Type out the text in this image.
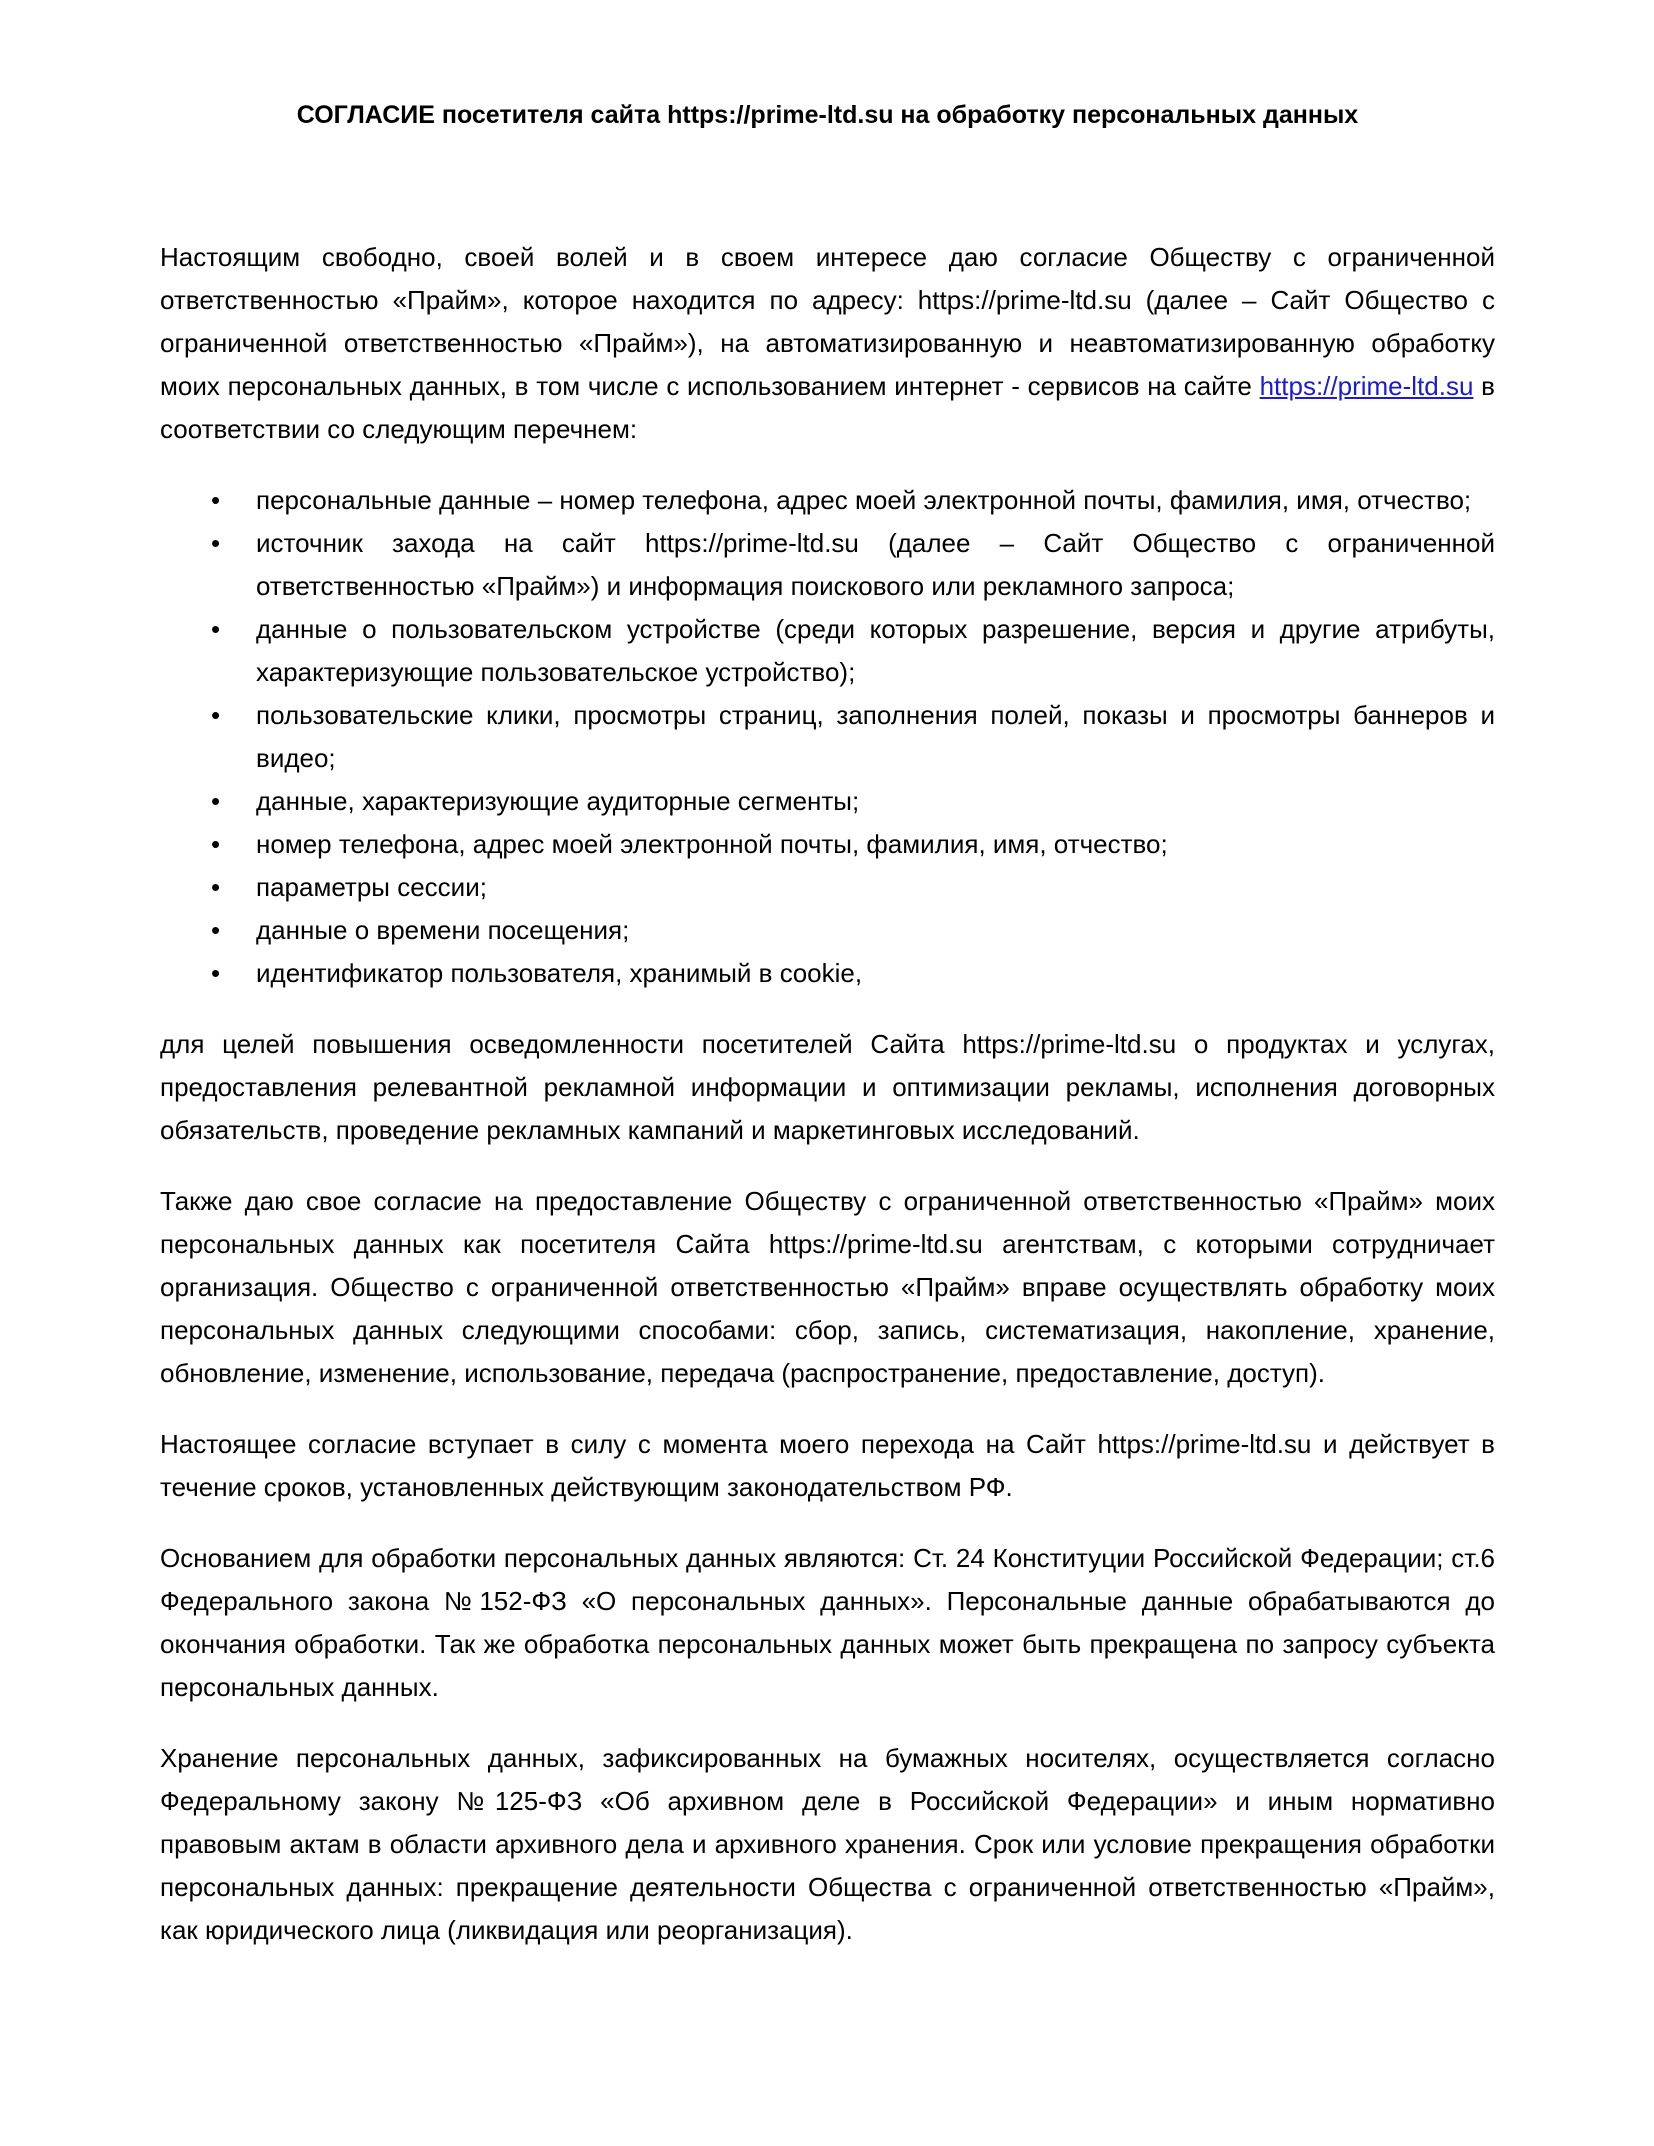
СОГЛАСИЕ посетителя сайта https://prime-ltd.su на обработку персональных данных

Настоящим свободно, своей волей и в своем интересе даю согласие Обществу с ограниченной ответственностью «Прайм», которое находится по адресу: https://prime-ltd.su (далее – Сайт Общество с ограниченной ответственностью «Прайм»), на автоматизированную и неавтоматизированную обработку моих персональных данных, в том числе с использованием интернет - сервисов на сайте https://prime-ltd.su в соответствии со следующим перечнем:

• персональные данные – номер телефона, адрес моей электронной почты, фамилия, имя, отчество;
• источник захода на сайт https://prime-ltd.su (далее – Сайт Общество с ограниченной ответственностью «Прайм») и информация поискового или рекламного запроса;
• данные о пользовательском устройстве (среди которых разрешение, версия и другие атрибуты, характеризующие пользовательское устройство);
• пользовательские клики, просмотры страниц, заполнения полей, показы и просмотры баннеров и видео;
• данные, характеризующие аудиторные сегменты;
• номер телефона, адрес моей электронной почты, фамилия, имя, отчество;
• параметры сессии;
• данные о времени посещения;
• идентификатор пользователя, хранимый в cookie,

для целей повышения осведомленности посетителей Сайта https://prime-ltd.su о продуктах и услугах, предоставления релевантной рекламной информации и оптимизации рекламы, исполнения договорных обязательств, проведение рекламных кампаний и маркетинговых исследований.

Также даю свое согласие на предоставление Обществу с ограниченной ответственностью «Прайм» моих персональных данных как посетителя Сайта https://prime-ltd.su агентствам, с которыми сотрудничает организация. Общество с ограниченной ответственностью «Прайм» вправе осуществлять обработку моих персональных данных следующими способами: сбор, запись, систематизация, накопление, хранение, обновление, изменение, использование, передача (распространение, предоставление, доступ).

Настоящее согласие вступает в силу с момента моего перехода на Сайт https://prime-ltd.su и действует в течение сроков, установленных действующим законодательством РФ.

Основанием для обработки персональных данных являются: Ст. 24 Конституции Российской Федерации; ст.6 Федерального закона №152-ФЗ «О персональных данных». Персональные данные обрабатываются до окончания обработки. Так же обработка персональных данных может быть прекращена по запросу субъекта персональных данных.

Хранение персональных данных, зафиксированных на бумажных носителях, осуществляется согласно Федеральному закону №125-ФЗ «Об архивном деле в Российской Федерации» и иным нормативно правовым актам в области архивного дела и архивного хранения. Срок или условие прекращения обработки персональных данных: прекращение деятельности Общества с ограниченной ответственностью «Прайм», как юридического лица (ликвидация или реорганизация).
